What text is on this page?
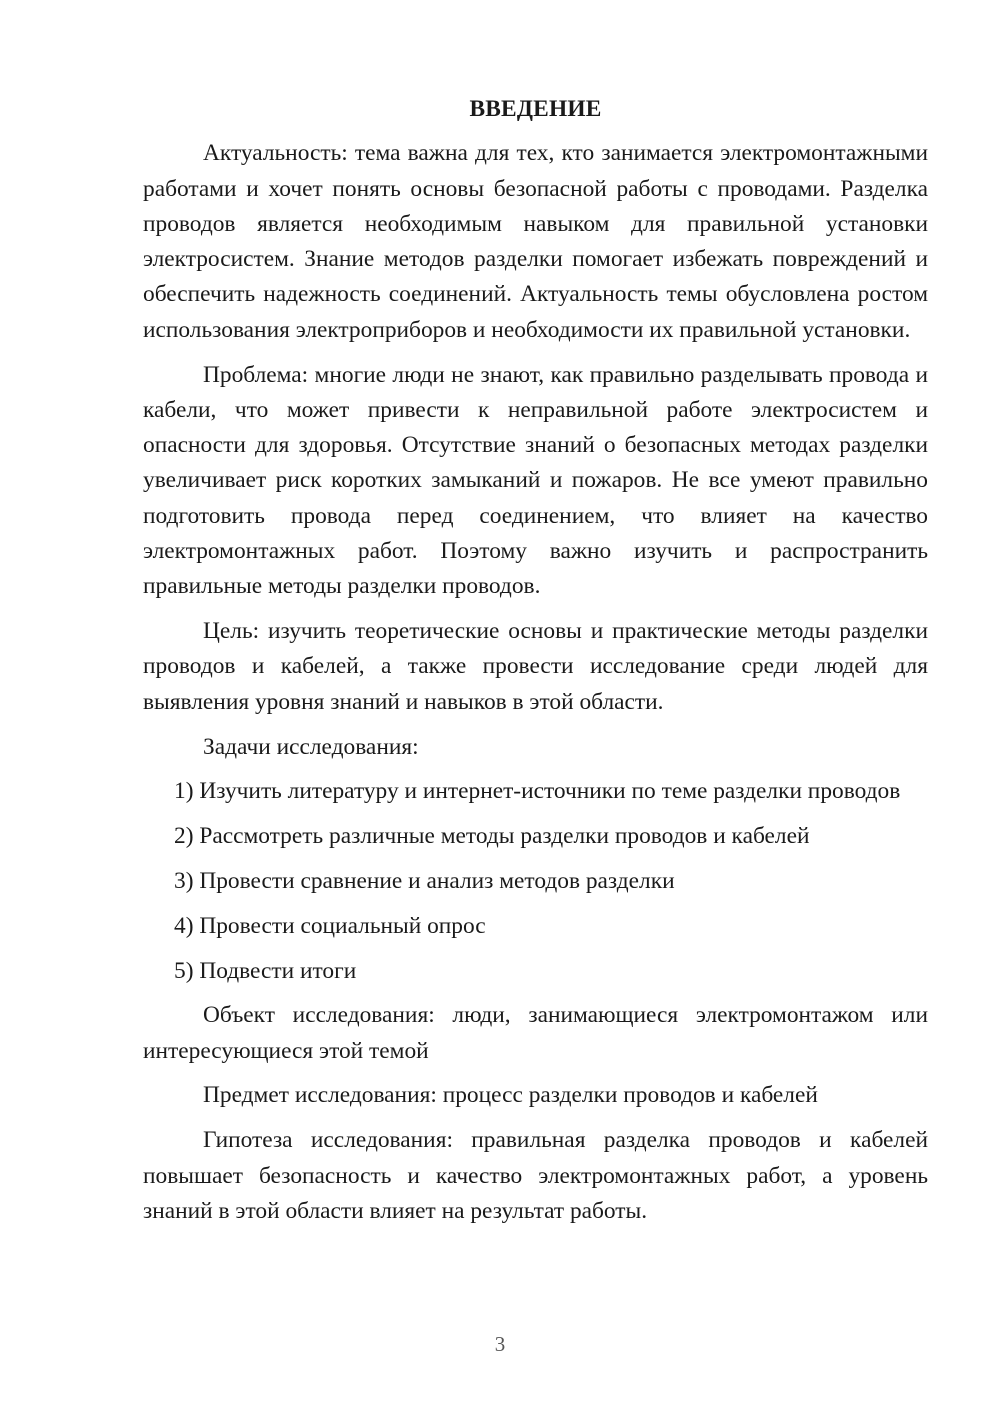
ВВЕДЕНИЕ

Актуальность: тема важна для тех, кто занимается электромонтажными работами и хочет понять основы безопасной работы с проводами. Разделка проводов является необходимым навыком для правильной установки электросистем. Знание методов разделки помогает избежать повреждений и обеспечить надежность соединений. Актуальность темы обусловлена ростом использования электроприборов и необходимости их правильной установки.

Проблема: многие люди не знают, как правильно разделывать провода и кабели, что может привести к неправильной работе электросистем и опасности для здоровья. Отсутствие знаний о безопасных методах разделки увеличивает риск коротких замыканий и пожаров. Не все умеют правильно подготовить провода перед соединением, что влияет на качество электромонтажных работ. Поэтому важно изучить и распространить правильные методы разделки проводов.

Цель: изучить теоретические основы и практические методы разделки проводов и кабелей, а также провести исследование среди людей для выявления уровня знаний и навыков в этой области.

Задачи исследования:

1) Изучить литературу и интернет-источники по теме разделки проводов

2) Рассмотреть различные методы разделки проводов и кабелей

3) Провести сравнение и анализ методов разделки

4) Провести социальный опрос

5) Подвести итоги

Объект исследования: люди, занимающиеся электромонтажом или интересующиеся этой темой

Предмет исследования: процесс разделки проводов и кабелей

Гипотеза исследования: правильная разделка проводов и кабелей повышает безопасность и качество электромонтажных работ, а уровень знаний в этой области влияет на результат работы.

3
